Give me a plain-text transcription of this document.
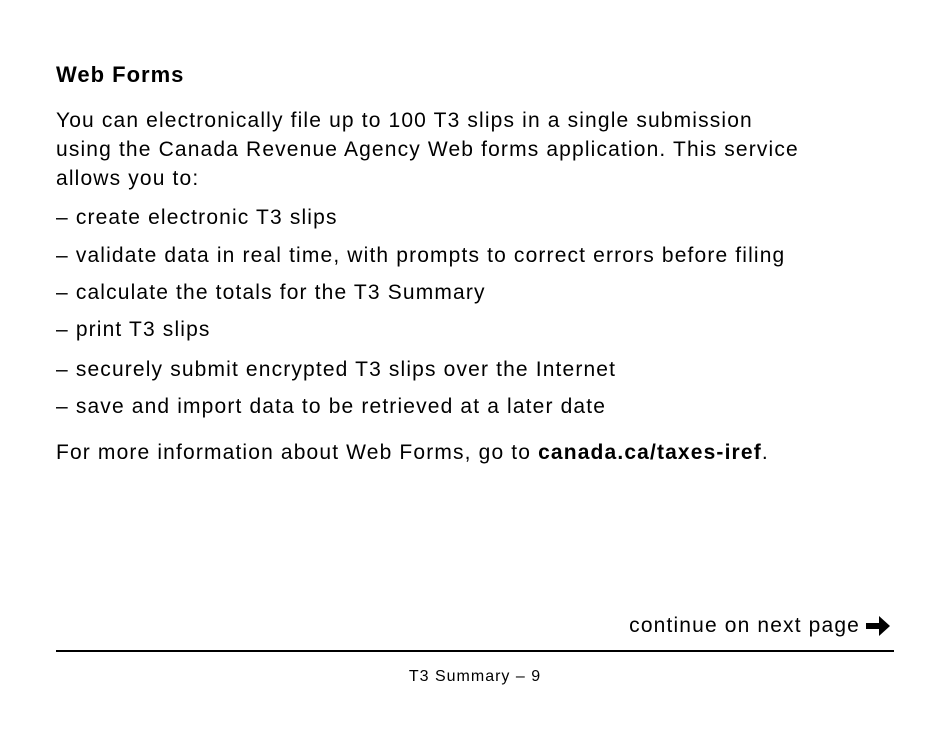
Web Forms
You can electronically file up to 100 T3 slips in a single submission
using the Canada Revenue Agency Web forms application. This service
allows you to:
– create electronic T3 slips
– validate data in real time, with prompts to correct errors before filing
– calculate the totals for the T3 Summary
– print T3 slips
– securely submit encrypted T3 slips over the Internet
– save and import data to be retrieved at a later date
For more information about Web Forms, go to canada.ca/taxes-iref.
continue on next page
T3 Summary – 9
